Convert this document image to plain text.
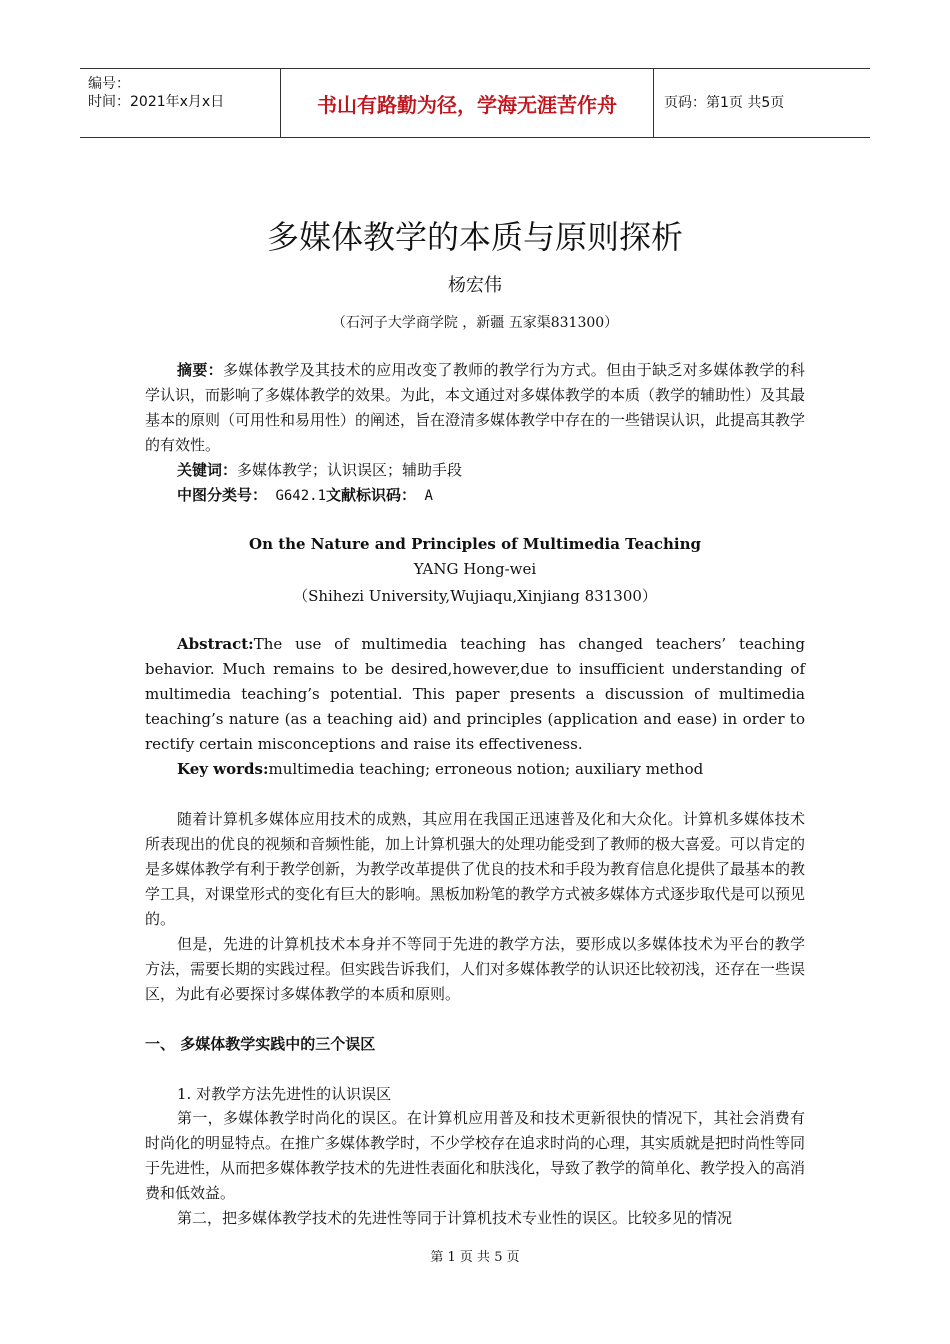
编号：
时间：2021年x月x日	书山有路勤为径，学海无涯苦作舟	页码：第1页 共5页
多媒体教学的本质与原则探析
杨宏伟
（石河子大学商学院 ，新疆 五家渠831300）
摘要：多媒体教学及其技术的应用改变了教师的教学行为方式。但由于缺乏对多媒体教学的科学认识，而影响了多媒体教学的效果。为此，本文通过对多媒体教学的本质（教学的辅助性）及其最基本的原则（可用性和易用性）的阐述，旨在澄清多媒体教学中存在的一些错误认识，此提高其教学的有效性。
关键词：多媒体教学；认识误区；辅助手段
中图分类号： G642.1文献标识码： A
On the Nature and Principles of Multimedia Teaching
YANG Hong-wei
（Shihezi University,Wujiaqu,Xinjiang 831300）
Abstract:The use of multimedia teaching has changed teachers’ teaching behavior. Much remains to be desired,however,due to insufficient understanding of multimedia teaching’s potential. This paper presents a discussion of multimedia teaching’s nature (as a teaching aid) and principles (application and ease) in order to rectify certain misconceptions and raise its effectiveness.
Key words:multimedia teaching; erroneous notion; auxiliary method
随着计算机多媒体应用技术的成熟，其应用在我国正迅速普及化和大众化。计算机多媒体技术所表现出的优良的视频和音频性能，加上计算机强大的处理功能受到了教师的极大喜爱。可以肯定的是多媒体教学有利于教学创新，为教学改革提供了优良的技术和手段为教育信息化提供了最基本的教学工具，对课堂形式的变化有巨大的影响。黑板加粉笔的教学方式被多媒体方式逐步取代是可以预见的。
但是，先进的计算机技术本身并不等同于先进的教学方法，要形成以多媒体技术为平台的教学方法，需要长期的实践过程。但实践告诉我们，人们对多媒体教学的认识还比较初浅，还存在一些误区，为此有必要探讨多媒体教学的本质和原则。
一、 多媒体教学实践中的三个误区
1. 对教学方法先进性的认识误区
第一，多媒体教学时尚化的误区。在计算机应用普及和技术更新很快的情况下，其社会消费有时尚化的明显特点。在推广多媒体教学时，不少学校存在追求时尚的心理，其实质就是把时尚性等同于先进性，从而把多媒体教学技术的先进性表面化和肤浅化，导致了教学的简单化、教学投入的高消费和低效益。
第二，把多媒体教学技术的先进性等同于计算机技术专业性的误区。比较多见的情况
第 1 页 共 5 页
